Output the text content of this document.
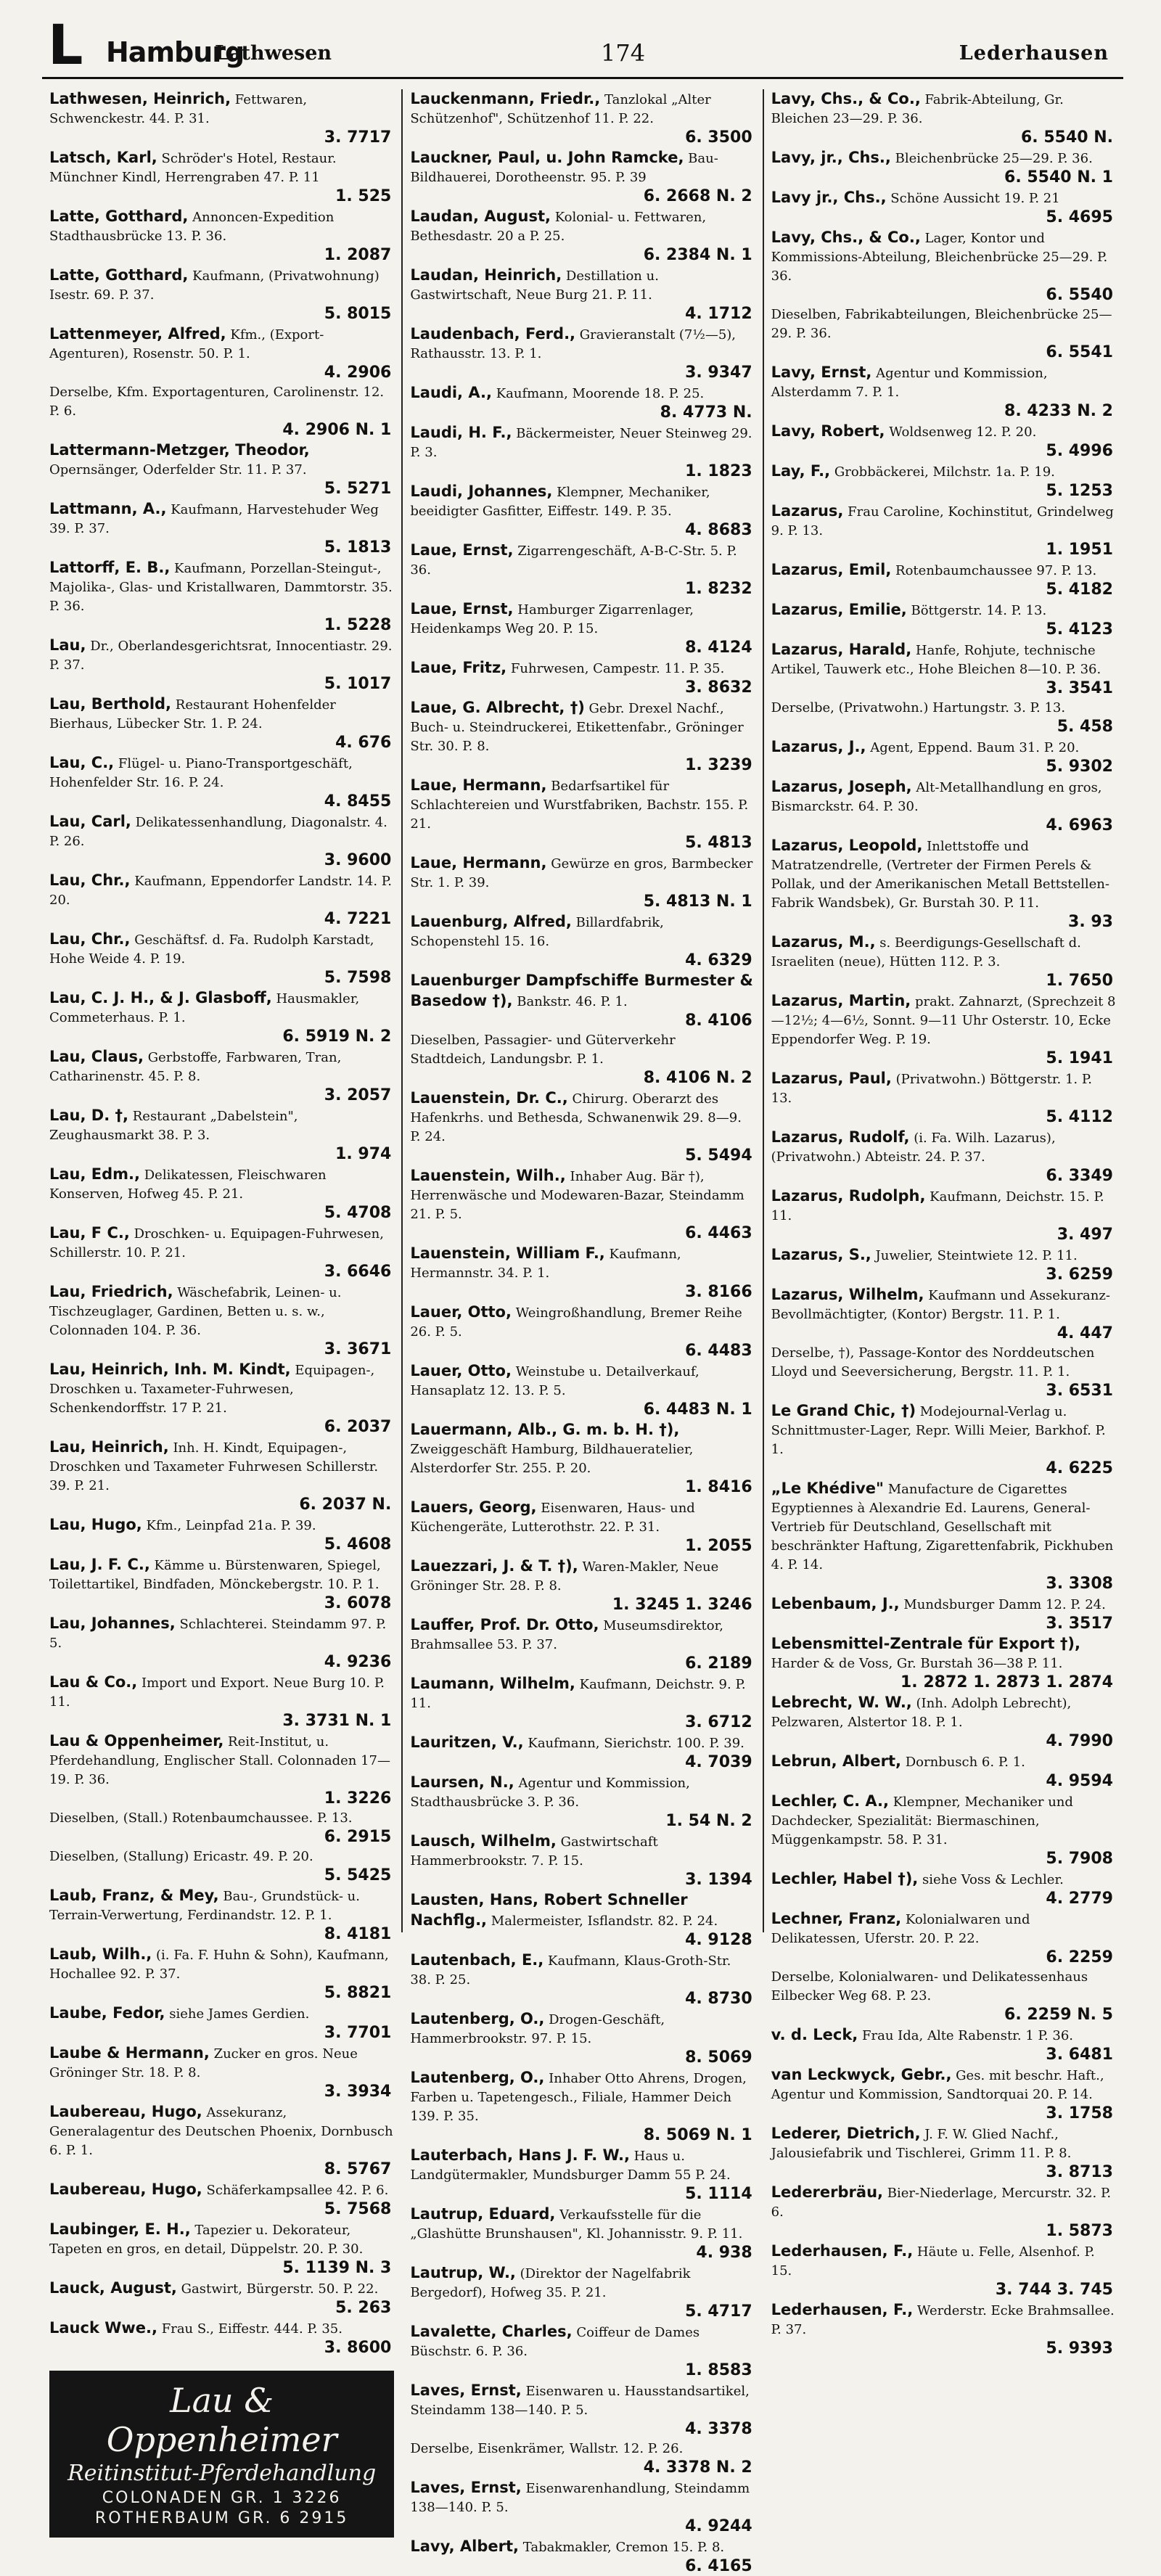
L Hamburg
Lathwesen	174	Lederhausen
Lathwesen, Heinrich, Fettwaren, Schwenckestr. 44. P. 31.
3. 7717
Latsch, Karl, Schröder's Hotel, Restaur. Münchner Kindl, Herrengraben 47. P. 11
1. 525
Latte, Gotthard, Annoncen-Expedition Stadthausbrücke 13. P. 36.
1. 2087
Latte, Gotthard, Kaufmann, (Privatwohnung) Isestr. 69. P. 37.
5. 8015
Lattenmeyer, Alfred, Kfm., (Export-Agenturen), Rosenstr. 50. P. 1.
4. 2906
Derselbe, Kfm. Exportagenturen, Carolinenstr. 12. P. 6.
4. 2906 N. 1
Lattermann-Metzger, Theodor, Opernsänger, Oderfelder Str. 11. P. 37.
5. 5271
Lattmann, A., Kaufmann, Harvestehuder Weg 39. P. 37.
5. 1813
Lattorff, E. B., Kaufmann, Porzellan-Steingut-, Majolika-, Glas- und Kristallwaren, Dammtorstr. 35. P. 36.
1. 5228
Lau, Dr., Oberlandesgerichtsrat, Innocentiastr. 29. P. 37.
5. 1017
Lau, Berthold, Restaurant Hohenfelder Bierhaus, Lübecker Str. 1. P. 24.
4. 676
Lau, C., Flügel- u. Piano-Transportgeschäft, Hohenfelder Str. 16. P. 24.
4. 8455
Lau, Carl, Delikatessenhandlung, Diagonalstr. 4. P. 26.
3. 9600
Lau, Chr., Kaufmann, Eppendorfer Landstr. 14. P. 20.
4. 7221
Lau, Chr., Geschäftsf. d. Fa. Rudolph Karstadt, Hohe Weide 4. P. 19.
5. 7598
Lau, C. J. H., & J. Glasboff, Hausmakler, Commeterhaus. P. 1.
6. 5919 N. 2
Lau, Claus, Gerbstoffe, Farbwaren, Tran, Catharinenstr. 45. P. 8.
3. 2057
Lau, D. †, Restaurant „Dabelstein", Zeughausmarkt 38. P. 3.
1. 974
Lau, Edm., Delikatessen, Fleischwaren Konserven, Hofweg 45. P. 21.
5. 4708
Lau, F C., Droschken- u. Equipagen-Fuhrwesen, Schillerstr. 10. P. 21.
3. 6646
Lau, Friedrich, Wäschefabrik, Leinen- u. Tischzeuglager, Gardinen, Betten u. s. w., Colonnaden 104. P. 36.
3. 3671
Lau, Heinrich, Inh. M. Kindt, Equipagen-, Droschken u. Taxameter-Fuhrwesen, Schenkendorffstr. 17 P. 21.
6. 2037
Lau, Heinrich, Inh. H. Kindt, Equipagen-, Droschken und Taxameter Fuhrwesen Schillerstr. 39. P. 21.
6. 2037 N.
Lau, Hugo, Kfm., Leinpfad 21a. P. 39.
5. 4608
Lau, J. F. C., Kämme u. Bürstenwaren, Spiegel, Toilettartikel, Bindfaden, Mönckebergstr. 10. P. 1.
3. 6078
Lau, Johannes, Schlachterei. Steindamm 97. P. 5.
4. 9236
Lau & Co., Import und Export. Neue Burg 10. P. 11.
3. 3731 N. 1
Lau & Oppenheimer, Reit-Institut, u. Pferdehandlung, Englischer Stall. Colonnaden 17—19. P. 36.
1. 3226
Dieselben, (Stall.) Rotenbaumchaussee. P. 13.
6. 2915
Dieselben, (Stallung) Ericastr. 49. P. 20.
5. 5425
Laub, Franz, & Mey, Bau-, Grundstück- u. Terrain-Verwertung, Ferdinandstr. 12. P. 1.
8. 4181
Laub, Wilh., (i. Fa. F. Huhn & Sohn), Kaufmann, Hochallee 92. P. 37.
5. 8821
Laube, Fedor, siehe James Gerdien.
3. 7701
Laube & Hermann, Zucker en gros. Neue Gröninger Str. 18. P. 8.
3. 3934
Laubereau, Hugo, Assekuranz, Generalagentur des Deutschen Phoenix, Dornbusch 6. P. 1.
8. 5767
Laubereau, Hugo, Schäferkampsallee 42. P. 6.
5. 7568
Laubinger, E. H., Tapezier u. Dekorateur, Tapeten en gros, en detail, Düppelstr. 20. P. 30.
5. 1139 N. 3
Lauck, August, Gastwirt, Bürgerstr. 50. P. 22.
5. 263
Lauck Wwe., Frau S., Eiffestr. 444. P. 35.
3. 8600
Lau & Oppenheimer
Reitinstitut-Pferdehandlung
COLONADEN GR. 1 3226
ROTHERBAUM GR. 6 2915
Lauckenmann, Friedr., Tanzlokal „Alter Schützenhof", Schützenhof 11. P. 22.
6. 3500
Lauckner, Paul, u. John Ramcke, Bau-Bildhauerei, Dorotheenstr. 95. P. 39
6. 2668 N. 2
Laudan, August, Kolonial- u. Fettwaren, Bethesdastr. 20 a P. 25.
6. 2384 N. 1
Laudan, Heinrich, Destillation u. Gastwirtschaft, Neue Burg 21. P. 11.
4. 1712
Laudenbach, Ferd., Gravieranstalt (7½—5), Rathausstr. 13. P. 1.
3. 9347
Laudi, A., Kaufmann, Moorende 18. P. 25.
8. 4773 N.
Laudi, H. F., Bäckermeister, Neuer Steinweg 29. P. 3.
1. 1823
Laudi, Johannes, Klempner, Mechaniker, beeidigter Gasfitter, Eiffestr. 149. P. 35.
4. 8683
Laue, Ernst, Zigarrengeschäft, A-B-C-Str. 5. P. 36.
1. 8232
Laue, Ernst, Hamburger Zigarrenlager, Heidenkamps Weg 20. P. 15.
8. 4124
Laue, Fritz, Fuhrwesen, Campestr. 11. P. 35.
3. 8632
Laue, G. Albrecht, †) Gebr. Drexel Nachf., Buch- u. Steindruckerei, Etikettenfabr., Gröninger Str. 30. P. 8.
1. 3239
Laue, Hermann, Bedarfsartikel für Schlachtereien und Wurstfabriken, Bachstr. 155. P. 21.
5. 4813
Laue, Hermann, Gewürze en gros, Barmbecker Str. 1. P. 39.
5. 4813 N. 1
Lauenburg, Alfred, Billardfabrik, Schopenstehl 15. 16.
4. 6329
Lauenburger Dampfschiffe Burmester & Basedow †), Bankstr. 46. P. 1.
8. 4106
Dieselben, Passagier- und Güterverkehr Stadtdeich, Landungsbr. P. 1.
8. 4106 N. 2
Lauenstein, Dr. C., Chirurg. Oberarzt des Hafenkrhs. und Bethesda, Schwanenwik 29. 8—9. P. 24.
5. 5494
Lauenstein, Wilh., Inhaber Aug. Bär †), Herrenwäsche und Modewaren-Bazar, Steindamm 21. P. 5.
6. 4463
Lauenstein, William F., Kaufmann, Hermannstr. 34. P. 1.
3. 8166
Lauer, Otto, Weingroßhandlung, Bremer Reihe 26. P. 5.
6. 4483
Lauer, Otto, Weinstube u. Detailverkauf, Hansaplatz 12. 13. P. 5.
6. 4483 N. 1
Lauermann, Alb., G. m. b. H. †), Zweiggeschäft Hamburg, Bildhaueratelier, Alsterdorfer Str. 255. P. 20.
1. 8416
Lauers, Georg, Eisenwaren, Haus- und Küchengeräte, Lutterothstr. 22. P. 31.
1. 2055
Lauezzari, J. & T. †), Waren-Makler, Neue Gröninger Str. 28. P. 8.
1. 3245 1. 3246
Lauffer, Prof. Dr. Otto, Museumsdirektor, Brahmsallee 53. P. 37.
6. 2189
Laumann, Wilhelm, Kaufmann, Deichstr. 9. P. 11.
3. 6712
Lauritzen, V., Kaufmann, Sierichstr. 100. P. 39.
4. 7039
Laursen, N., Agentur und Kommission, Stadthausbrücke 3. P. 36.
1. 54 N. 2
Lausch, Wilhelm, Gastwirtschaft Hammerbrookstr. 7. P. 15.
3. 1394
Lausten, Hans, Robert Schneller Nachflg., Malermeister, Isflandstr. 82. P. 24.
4. 9128
Lautenbach, E., Kaufmann, Klaus-Groth-Str. 38. P. 25.
4. 8730
Lautenberg, O., Drogen-Geschäft, Hammerbrookstr. 97. P. 15.
8. 5069
Lautenberg, O., Inhaber Otto Ahrens, Drogen, Farben u. Tapetengesch., Filiale, Hammer Deich 139. P. 35.
8. 5069 N. 1
Lauterbach, Hans J. F. W., Haus u. Landgütermakler, Mundsburger Damm 55 P. 24.
5. 1114
Lautrup, Eduard, Verkaufsstelle für die „Glashütte Brunshausen", Kl. Johannisstr. 9. P. 11.
4. 938
Lautrup, W., (Direktor der Nagelfabrik Bergedorf), Hofweg 35. P. 21.
5. 4717
Lavalette, Charles, Coiffeur de Dames Büschstr. 6. P. 36.
1. 8583
Laves, Ernst, Eisenwaren u. Hausstandsartikel, Steindamm 138—140. P. 5.
4. 3378
Derselbe, Eisenkrämer, Wallstr. 12. P. 26.
4. 3378 N. 2
Laves, Ernst, Eisenwarenhandlung, Steindamm 138—140. P. 5.
4. 9244
Lavy, Albert, Tabakmakler, Cremon 15. P. 8.
6. 4165
Lavy, Chs., & Co., Fabrik-Abteilung, Gr. Bleichen 23—29. P. 36.
6. 5540 N.
Lavy, jr., Chs., Bleichenbrücke 25—29. P. 36.
6. 5540 N. 1
Lavy jr., Chs., Schöne Aussicht 19. P. 21
5. 4695
Lavy, Chs., & Co., Lager, Kontor und Kommissions-Abteilung, Bleichenbrücke 25—29. P. 36.
6. 5540
Dieselben, Fabrikabteilungen, Bleichenbrücke 25—29. P. 36.
6. 5541
Lavy, Ernst, Agentur und Kommission, Alsterdamm 7. P. 1.
8. 4233 N. 2
Lavy, Robert, Woldsenweg 12. P. 20.
5. 4996
Lay, F., Grobbäckerei, Milchstr. 1a. P. 19.
5. 1253
Lazarus, Frau Caroline, Kochinstitut, Grindelweg 9. P. 13.
1. 1951
Lazarus, Emil, Rotenbaumchaussee 97. P. 13.
5. 4182
Lazarus, Emilie, Böttgerstr. 14. P. 13.
5. 4123
Lazarus, Harald, Hanfe, Rohjute, technische Artikel, Tauwerk etc., Hohe Bleichen 8—10. P. 36.
3. 3541
Derselbe, (Privatwohn.) Hartungstr. 3. P. 13.
5. 458
Lazarus, J., Agent, Eppend. Baum 31. P. 20.
5. 9302
Lazarus, Joseph, Alt-Metallhandlung en gros, Bismarckstr. 64. P. 30.
4. 6963
Lazarus, Leopold, Inlettstoffe und Matratzendrelle, (Vertreter der Firmen Perels & Pollak, und der Amerikanischen Metall Bettstellen-Fabrik Wandsbek), Gr. Burstah 30. P. 11.
3. 93
Lazarus, M., s. Beerdigungs-Gesellschaft d. Israeliten (neue), Hütten 112. P. 3.
1. 7650
Lazarus, Martin, prakt. Zahnarzt, (Sprechzeit 8—12½; 4—6½, Sonnt. 9—11 Uhr Osterstr. 10, Ecke Eppendorfer Weg. P. 19.
5. 1941
Lazarus, Paul, (Privatwohn.) Böttgerstr. 1. P. 13.
5. 4112
Lazarus, Rudolf, (i. Fa. Wilh. Lazarus), (Privatwohn.) Abteistr. 24. P. 37.
6. 3349
Lazarus, Rudolph, Kaufmann, Deichstr. 15. P. 11.
3. 497
Lazarus, S., Juwelier, Steintwiete 12. P. 11.
3. 6259
Lazarus, Wilhelm, Kaufmann und Assekuranz-Bevollmächtigter, (Kontor) Bergstr. 11. P. 1.
4. 447
Derselbe, †), Passage-Kontor des Norddeutschen Lloyd und Seeversicherung, Bergstr. 11. P. 1.
3. 6531
Le Grand Chic, †) Modejournal-Verlag u. Schnittmuster-Lager, Repr. Willi Meier, Barkhof. P. 1.
4. 6225
„Le Khédive" Manufacture de Cigarettes Egyptiennes à Alexandrie Ed. Laurens, General-Vertrieb für Deutschland, Gesellschaft mit beschränkter Haftung, Zigarettenfabrik, Pickhuben 4. P. 14.
3. 3308
Lebenbaum, J., Mundsburger Damm 12. P. 24.
3. 3517
Lebensmittel-Zentrale für Export †), Harder & de Voss, Gr. Burstah 36—38 P. 11.
1. 2872 1. 2873 1. 2874
Lebrecht, W. W., (Inh. Adolph Lebrecht), Pelzwaren, Alstertor 18. P. 1.
4. 7990
Lebrun, Albert, Dornbusch 6. P. 1.
4. 9594
Lechler, C. A., Klempner, Mechaniker und Dachdecker, Spezialität: Biermaschinen, Müggenkampstr. 58. P. 31.
5. 7908
Lechler, Habel †), siehe Voss & Lechler.
4. 2779
Lechner, Franz, Kolonialwaren und Delikatessen, Uferstr. 20. P. 22.
6. 2259
Derselbe, Kolonialwaren- und Delikatessenhaus Eilbecker Weg 68. P. 23.
6. 2259 N. 5
v. d. Leck, Frau Ida, Alte Rabenstr. 1 P. 36.
3. 6481
van Leckwyck, Gebr., Ges. mit beschr. Haft., Agentur und Kommission, Sandtorquai 20. P. 14.
3. 1758
Lederer, Dietrich, J. F. W. Glied Nachf., Jalousiefabrik und Tischlerei, Grimm 11. P. 8.
3. 8713
Ledererbräu, Bier-Niederlage, Mercurstr. 32. P. 6.
1. 5873
Lederhausen, F., Häute u. Felle, Alsenhof. P. 15.
3. 744 3. 745
Lederhausen, F., Werderstr. Ecke Brahmsallee. P. 37.
5. 9393
